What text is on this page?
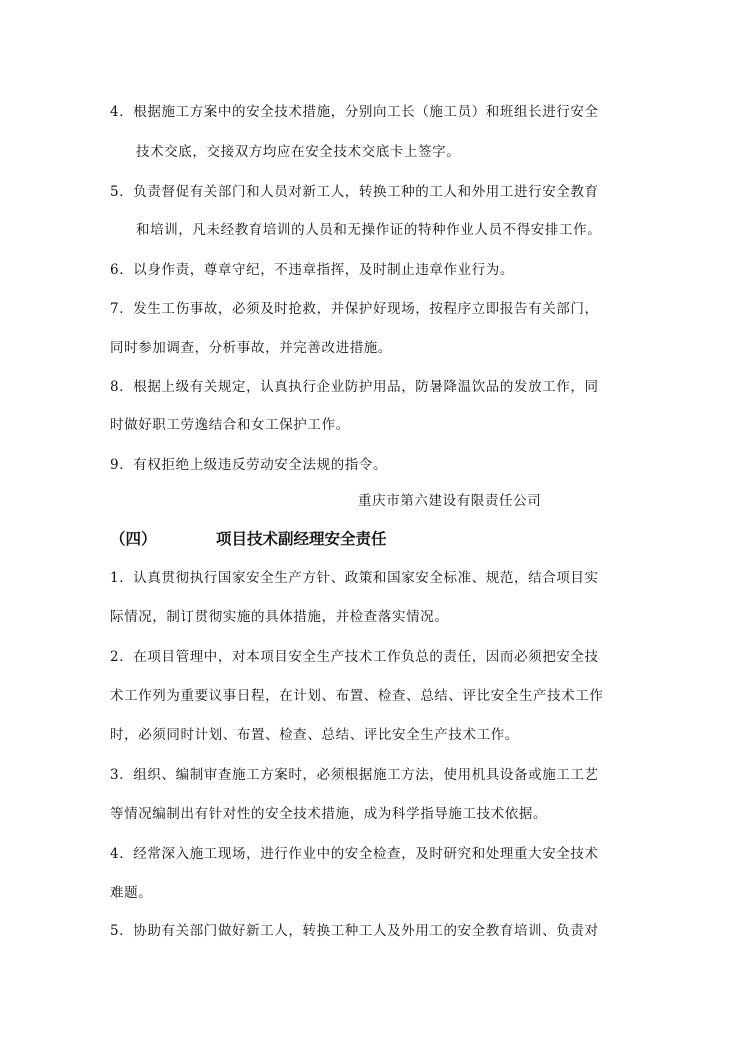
4．根据施工方案中的安全技术措施，分别向工长（施工员）和班组长进行安全
技术交底，交接双方均应在安全技术交底卡上签字。
5．负责督促有关部门和人员对新工人，转换工种的工人和外用工进行安全教育
和培训，凡未经教育培训的人员和无操作证的特种作业人员不得安排工作。
6．以身作责，尊章守纪，不违章指挥，及时制止违章作业行为。
7．发生工伤事故，必须及时抢救，并保护好现场，按程序立即报告有关部门，
同时参加调查，分析事故，并完善改进措施。
8．根据上级有关规定，认真执行企业防护用品，防暑降温饮品的发放工作，同
时做好职工劳逸结合和女工保护工作。
9．有权拒绝上级违反劳动安全法规的指令。
重庆市第六建设有限责任公司
（四）	项目技术副经理安全责任
1．认真贯彻执行国家安全生产方针、政策和国家安全标准、规范，结合项目实
际情况，制订贯彻实施的具体措施，并检查落实情况。
2．在项目管理中，对本项目安全生产技术工作负总的责任，因而必须把安全技
术工作列为重要议事日程，在计划、布置、检查、总结、评比安全生产技术工作
时，必须同时计划、布置、检查、总结、评比安全生产技术工作。
3．组织、编制审查施工方案时，必须根据施工方法，使用机具设备或施工工艺
等情况编制出有针对性的安全技术措施，成为科学指导施工技术依据。
4．经常深入施工现场，进行作业中的安全检查，及时研究和处理重大安全技术
难题。
5．协助有关部门做好新工人，转换工种工人及外用工的安全教育培训、负责对
